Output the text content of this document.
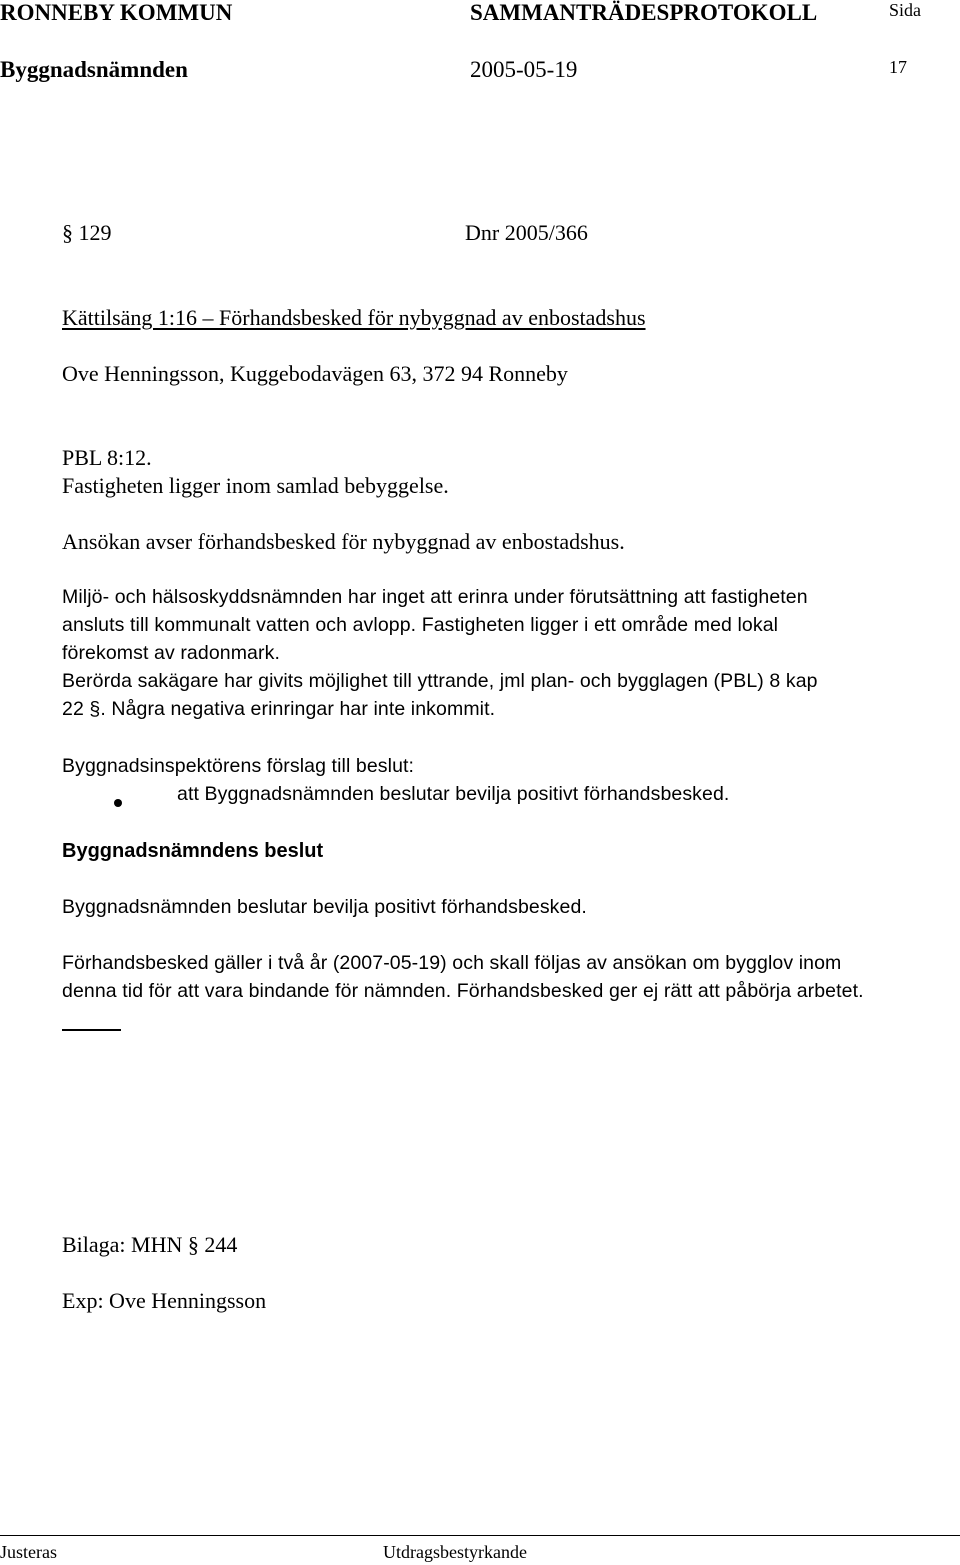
RONNEBY KOMMUN	SAMMANTRÄDESPROTOKOLL	Sida
Byggnadsnämnden	2005-05-19	17
§ 129	Dnr 2005/366
Kättilsäng 1:16 – Förhandsbesked för nybyggnad av enbostadshus
Ove Henningsson, Kuggebodavägen 63, 372 94 Ronneby
PBL 8:12.
Fastigheten ligger inom samlad bebyggelse.
Ansökan avser förhandsbesked för nybyggnad av enbostadshus.
Miljö- och hälsoskyddsnämnden har inget att erinra under förutsättning att fastigheten
ansluts till kommunalt vatten och avlopp. Fastigheten ligger i ett område med lokal
förekomst av radonmark.
Berörda sakägare har givits möjlighet till yttrande, jml plan- och bygglagen (PBL) 8 kap
22 §. Några negativa erinringar har inte inkommit.
Byggnadsinspektörens förslag till beslut:
att Byggnadsnämnden beslutar bevilja positivt förhandsbesked.
Byggnadsnämndens beslut
Byggnadsnämnden beslutar bevilja positivt förhandsbesked.
Förhandsbesked gäller i två år (2007-05-19) och skall följas av ansökan om bygglov inom
denna tid för att vara bindande för nämnden. Förhandsbesked ger ej rätt att påbörja arbetet.
Bilaga: MHN § 244
Exp: Ove Henningsson
Justeras	Utdragsbestyrkande
